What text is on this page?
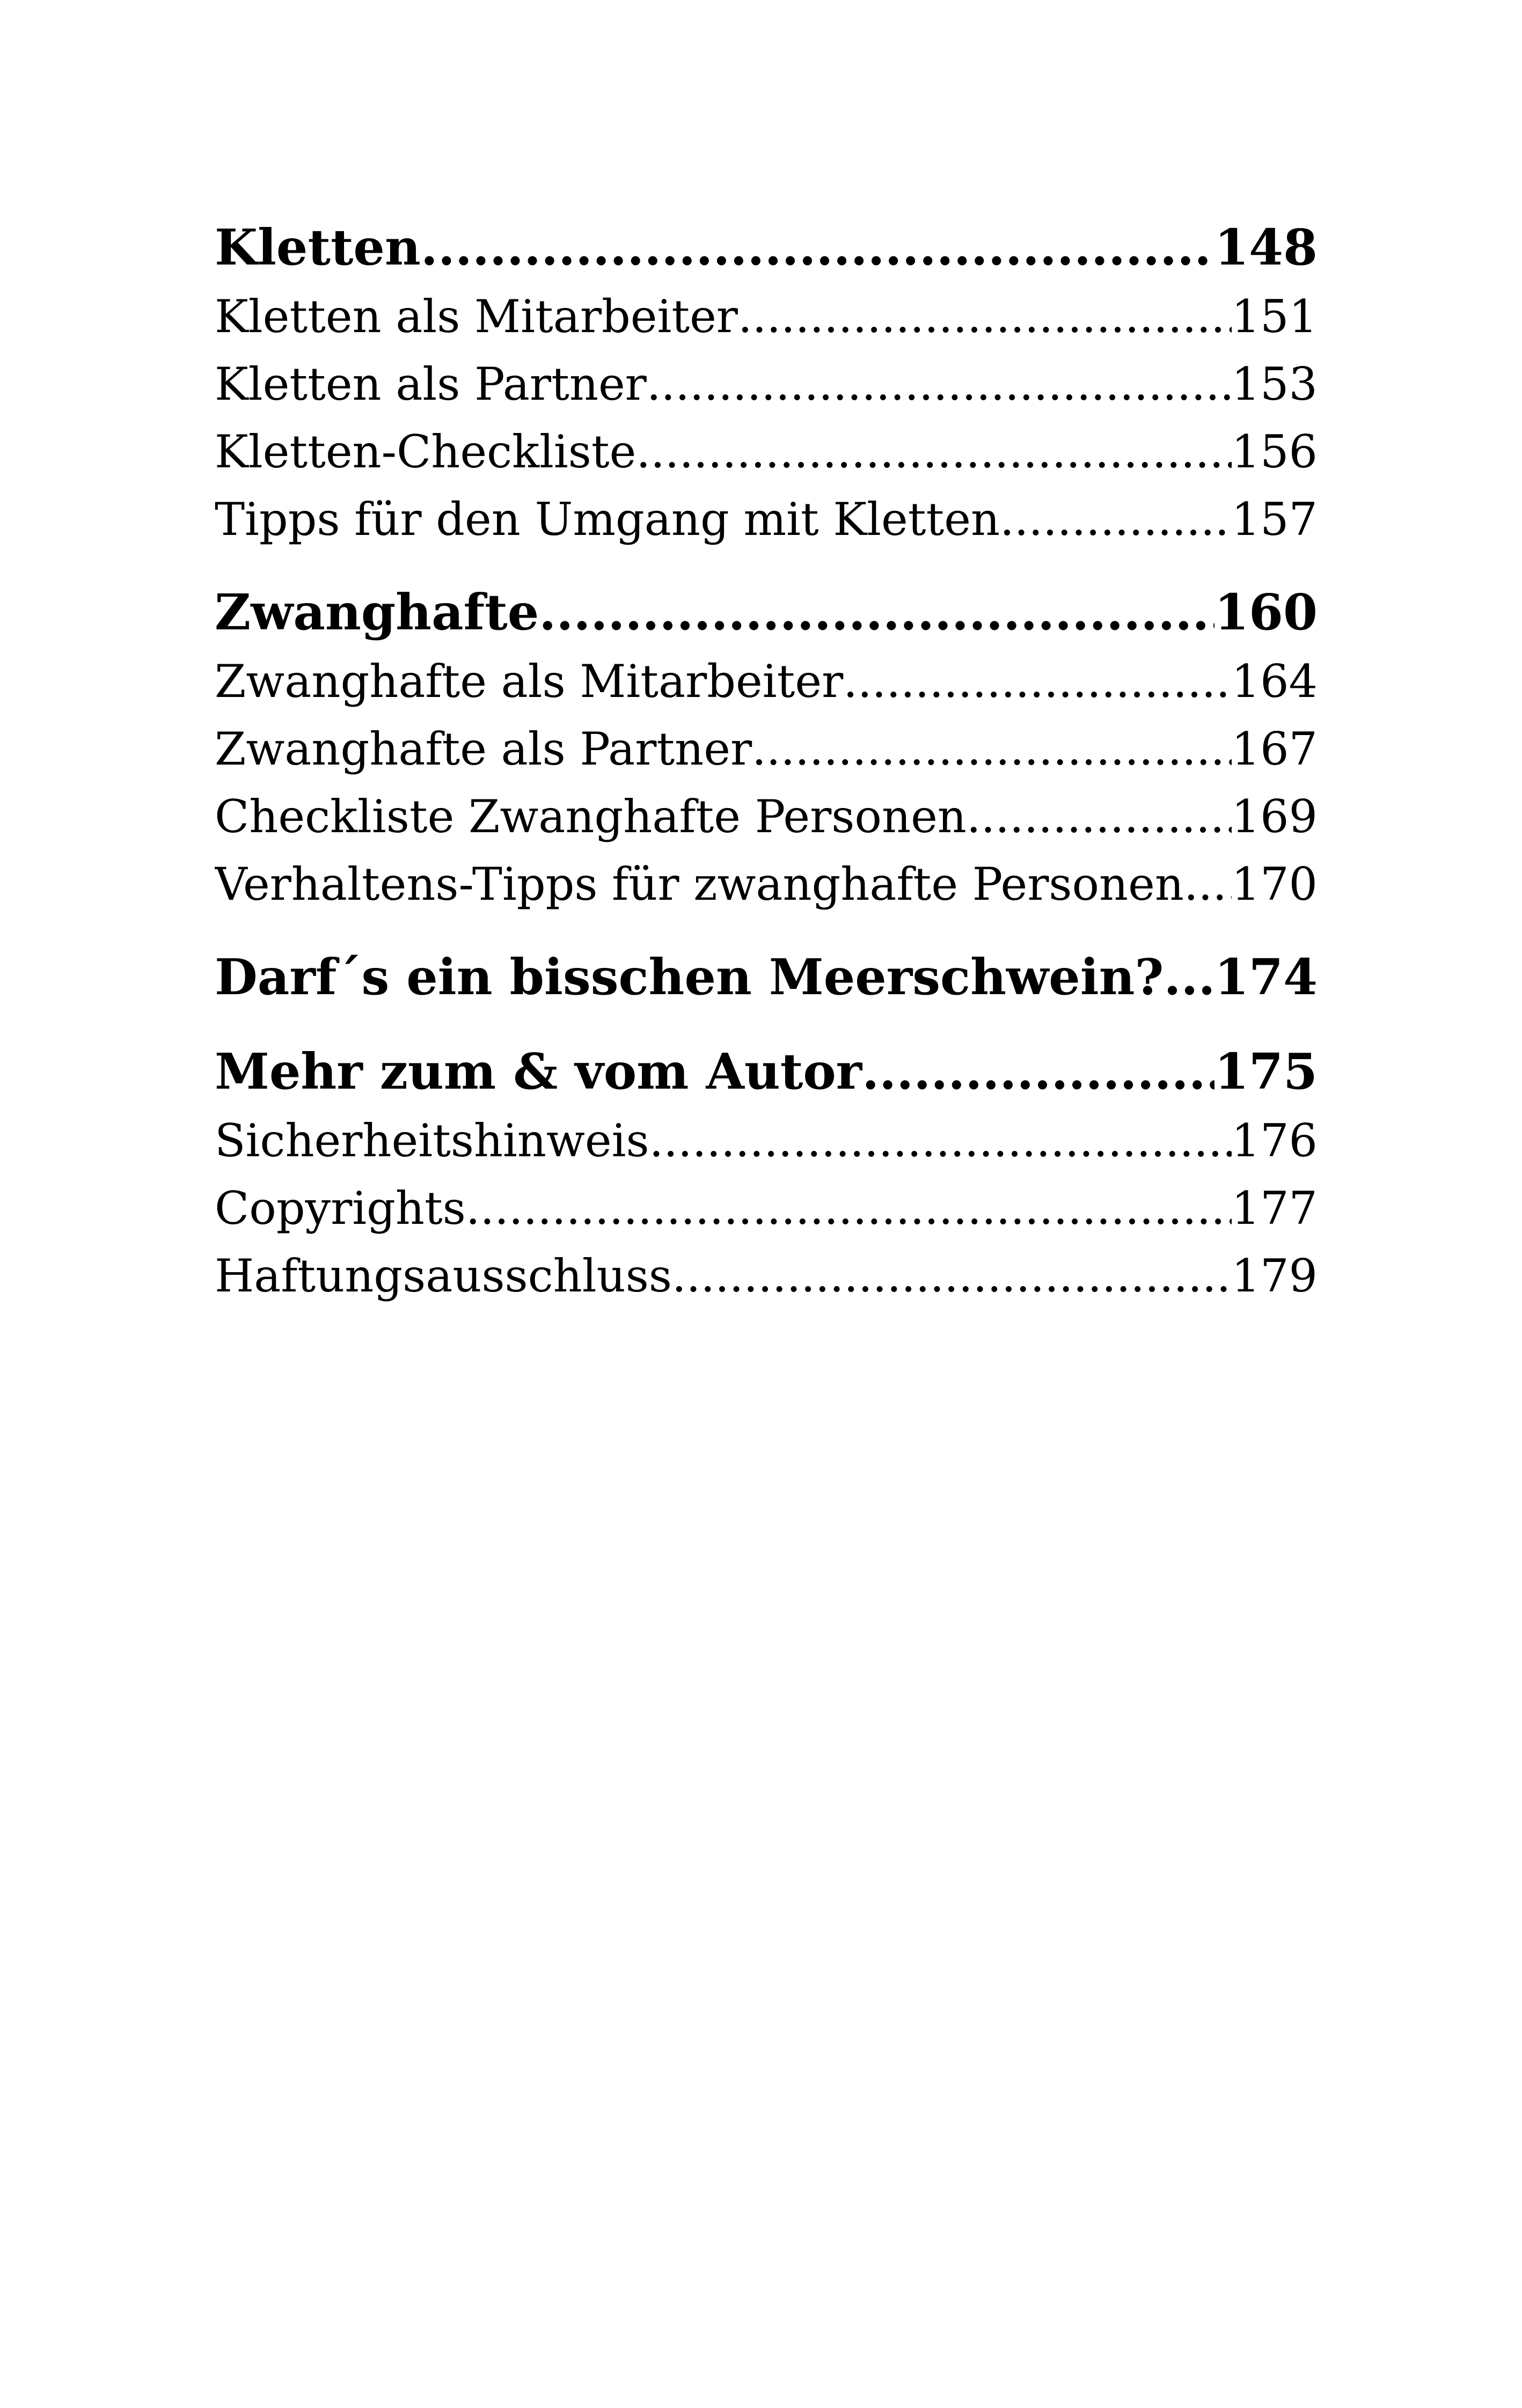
Kletten .....	148
Kletten als Mitarbeiter .....	151
Kletten als Partner .....	153
Kletten-Checkliste .....	156
Tipps für den Umgang mit Kletten .....	157
Zwanghafte .....	160
Zwanghafte als Mitarbeiter .....	164
Zwanghafte als Partner .....	167
Checkliste Zwanghafte Personen .....	169
Verhaltens-Tipps für zwanghafte Personen ..... 170
Darf´s ein bisschen Meerschwein? ..... 174
Mehr zum & vom Autor .....	175
Sicherheitshinweis .....	176
Copyrights .....	177
Haftungsausschluss .....	179
